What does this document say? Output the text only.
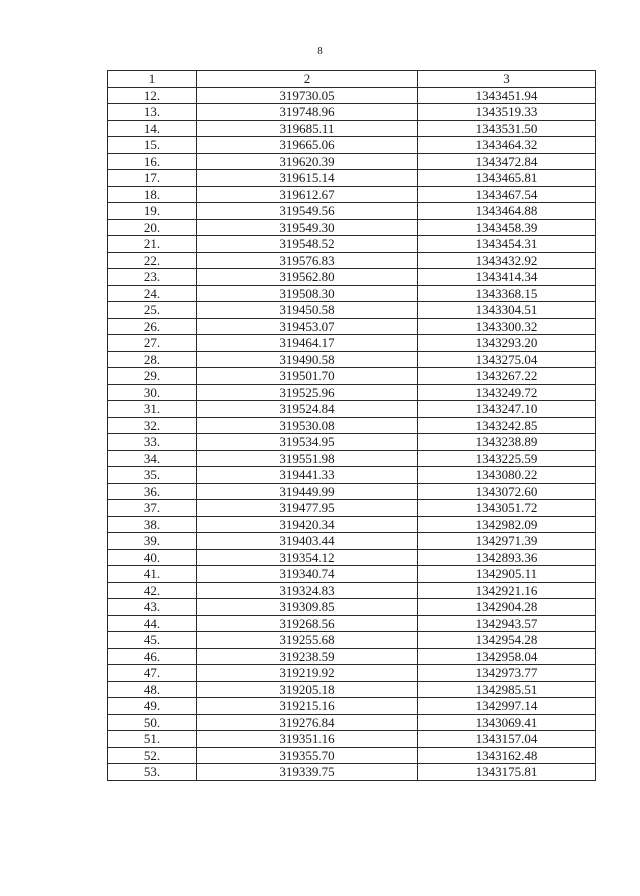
8
1	2	3
12.	319730.05	1343451.94
13.	319748.96	1343519.33
14.	319685.11	1343531.50
15.	319665.06	1343464.32
16.	319620.39	1343472.84
17.	319615.14	1343465.81
18.	319612.67	1343467.54
19.	319549.56	1343464.88
20.	319549.30	1343458.39
21.	319548.52	1343454.31
22.	319576.83	1343432.92
23.	319562.80	1343414.34
24.	319508.30	1343368.15
25.	319450.58	1343304.51
26.	319453.07	1343300.32
27.	319464.17	1343293.20
28.	319490.58	1343275.04
29.	319501.70	1343267.22
30.	319525.96	1343249.72
31.	319524.84	1343247.10
32.	319530.08	1343242.85
33.	319534.95	1343238.89
34.	319551.98	1343225.59
35.	319441.33	1343080.22
36.	319449.99	1343072.60
37.	319477.95	1343051.72
38.	319420.34	1342982.09
39.	319403.44	1342971.39
40.	319354.12	1342893.36
41.	319340.74	1342905.11
42.	319324.83	1342921.16
43.	319309.85	1342904.28
44.	319268.56	1342943.57
45.	319255.68	1342954.28
46.	319238.59	1342958.04
47.	319219.92	1342973.77
48.	319205.18	1342985.51
49.	319215.16	1342997.14
50.	319276.84	1343069.41
51.	319351.16	1343157.04
52.	319355.70	1343162.48
53.	319339.75	1343175.81
